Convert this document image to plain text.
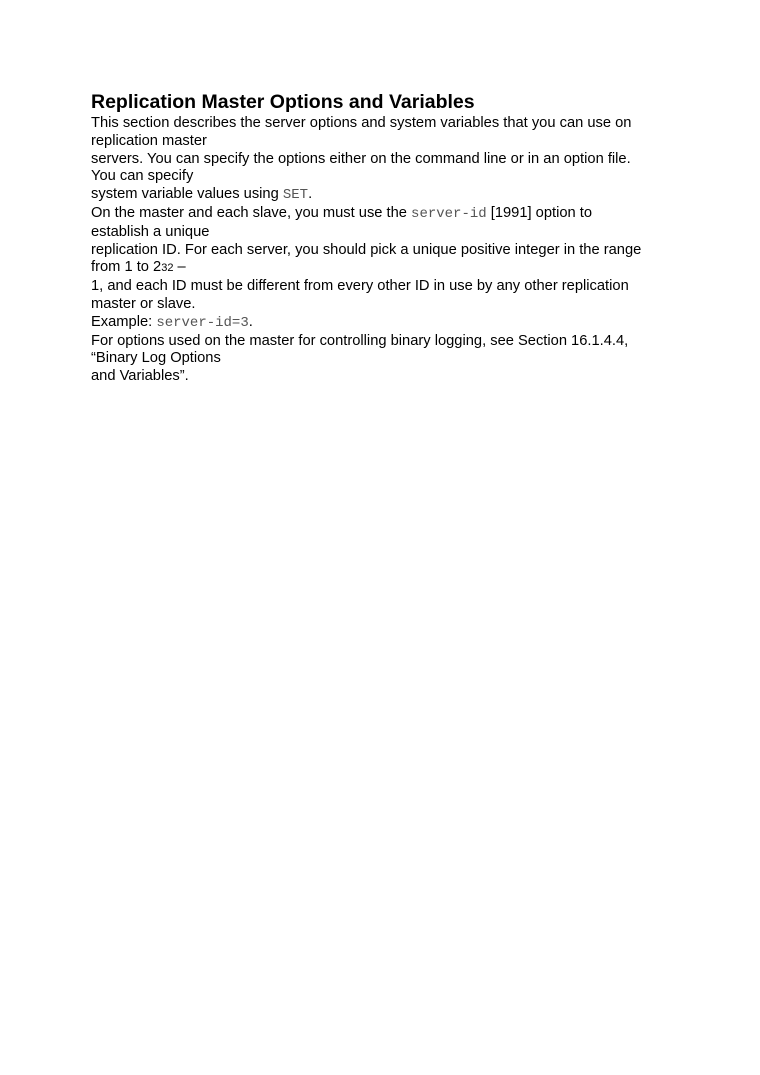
Replication Master Options and Variables

This section describes the server options and system variables that you can use on

replication master

servers. You can specify the options either on the command line or in an option file.

You can specify

system variable values using SET.

On the master and each slave, you must use the server-id [1991] option to

establish a unique

replication ID. For each server, you should pick a unique positive integer in the range

from 1 to 232 –

1, and each ID must be different from every other ID in use by any other replication

master or slave.

Example: server-id=3.

For options used on the master for controlling binary logging, see Section 16.1.4.4,

“Binary Log Options

and Variables”.
